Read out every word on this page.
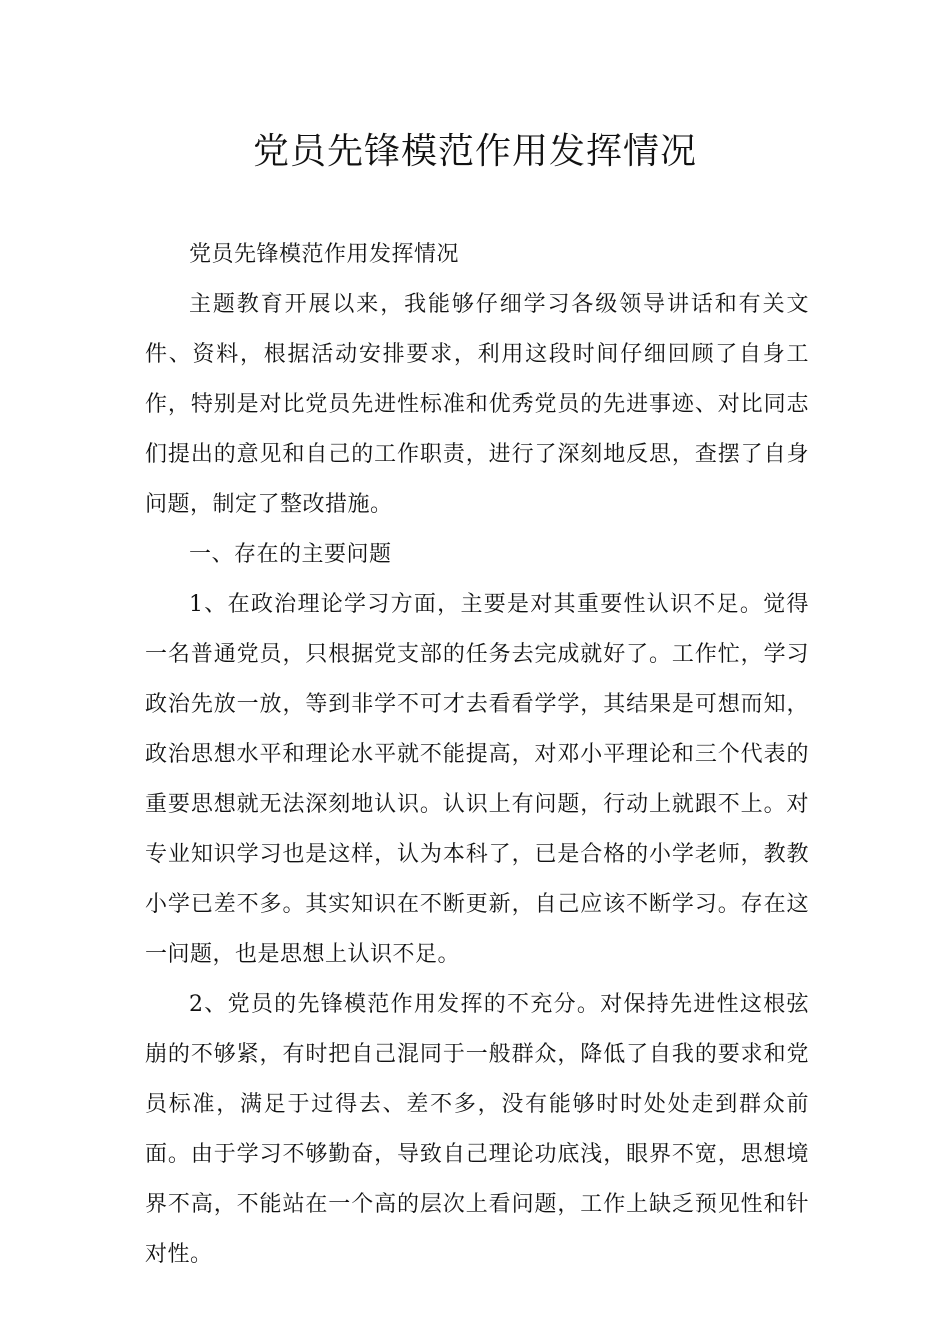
党员先锋模范作用发挥情况

党员先锋模范作用发挥情况

主题教育开展以来，我能够仔细学习各级领导讲话和有关文件、资料，根据活动安排要求，利用这段时间仔细回顾了自身工作，特别是对比党员先进性标准和优秀党员的先进事迹、对比同志们提出的意见和自己的工作职责，进行了深刻地反思，查摆了自身问题，制定了整改措施。

一、存在的主要问题

1、在政治理论学习方面，主要是对其重要性认识不足。觉得一名普通党员，只根据党支部的任务去完成就好了。工作忙，学习政治先放一放，等到非学不可才去看看学学，其结果是可想而知，政治思想水平和理论水平就不能提高，对邓小平理论和三个代表的重要思想就无法深刻地认识。认识上有问题，行动上就跟不上。对专业知识学习也是这样，认为本科了，已是合格的小学老师，教教小学已差不多。其实知识在不断更新，自己应该不断学习。存在这一问题，也是思想上认识不足。

2、党员的先锋模范作用发挥的不充分。对保持先进性这根弦崩的不够紧，有时把自己混同于一般群众，降低了自我的要求和党员标准，满足于过得去、差不多，没有能够时时处处走到群众前面。由于学习不够勤奋，导致自己理论功底浅，眼界不宽，思想境界不高，不能站在一个高的层次上看问题，工作上缺乏预见性和针对性。
